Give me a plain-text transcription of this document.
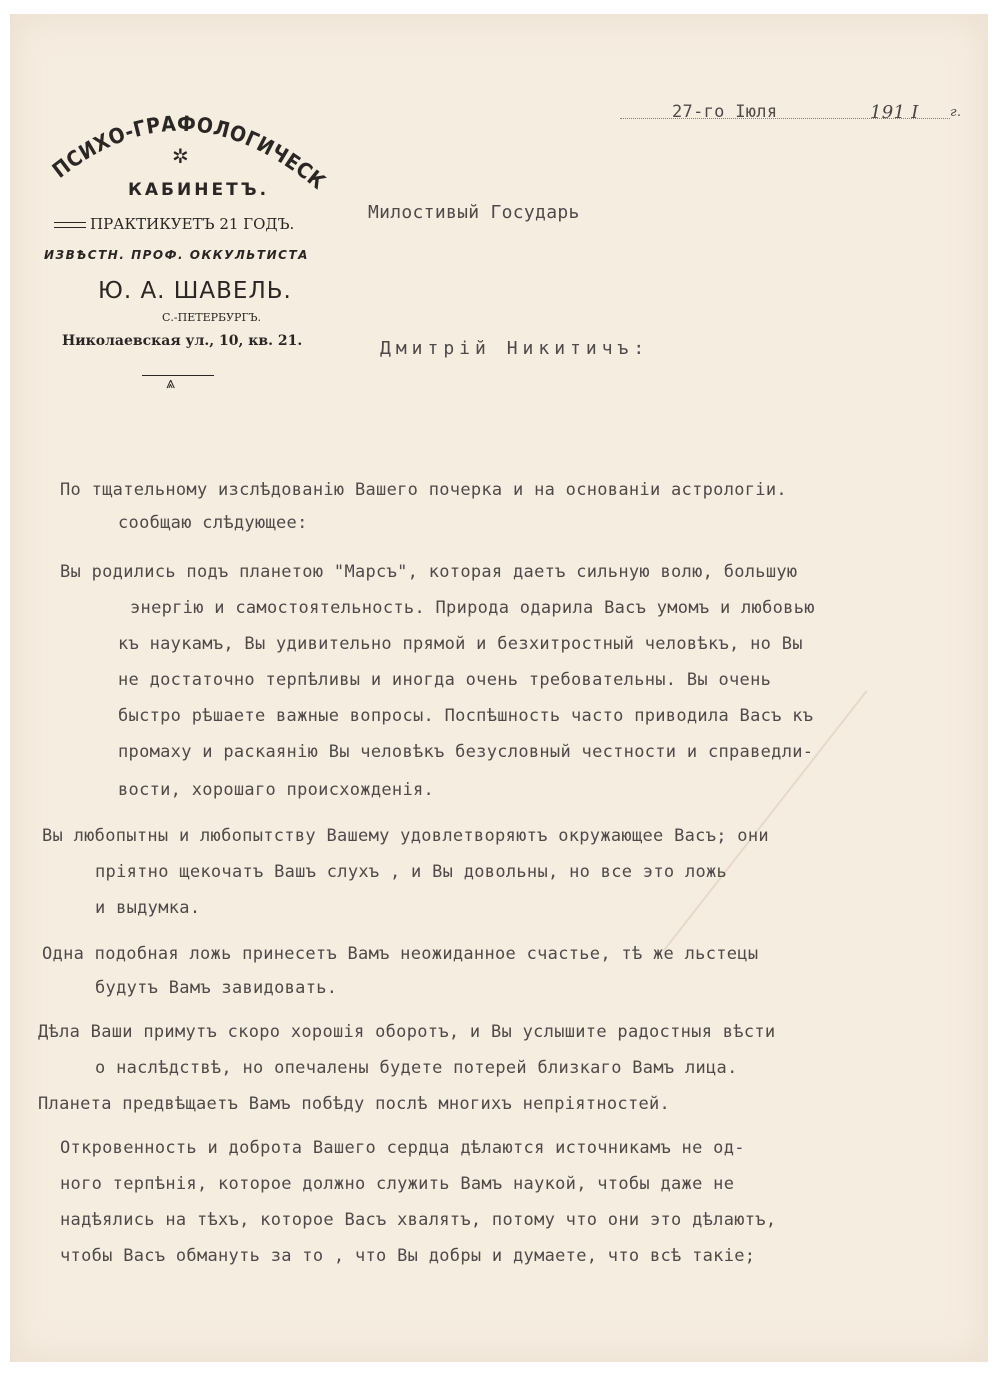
ПСИХО-ГРАФОЛОГИЧЕСК
✲
КАБИНЕТЪ.
ПРАКТИКУЕТЪ 21 ГОДЪ.
ИЗВѢСТН. ПРОФ. ОККУЛЬТИСТА
Ю. А. ШАВЕЛЬ.
С.-ПЕТЕРБУРГЪ.
Николаевская ул., 10, кв. 21.
⩓
27-го Iюля	191 I г.
Милостивый Государь
Дмитрiй Никитичъ:
По тщательному изслѣдованiю Вашего почерка и на основанiи астрологiи.
сообщаю слѣдующее:
Вы родились подъ планетою "Марсъ", которая даетъ сильную волю, большую
энергiю и самостоятельность. Природа одарила Васъ умомъ и любовью
къ наукамъ, Вы удивительно прямой и безхитростный человѣкъ, но Вы
не достаточно терпѣливы и иногда очень требовательны. Вы очень
быстро рѣшаете важные вопросы. Поспѣшность часто приводила Васъ къ
промаху и раскаянiю Вы человѣкъ безусловный честности и справедли-
вости, хорошаго происхожденiя.
Вы любопытны и любопытству Вашему удовлетворяютъ окружающее Васъ; они
прiятно щекочатъ Вашъ слухъ , и Вы довольны, но все это ложь
и выдумка.
Одна подобная ложь принесетъ Вамъ неожиданное счастье, тѣ же льстецы
будутъ Вамъ завидовать.
Дѣла Ваши примутъ скоро хорошiя оборотъ, и Вы услышите радостныя вѣсти
о наслѣдствѣ, но опечалены будете потерей близкаго Вамъ лица.
Планета предвѣщаетъ Вамъ побѣду послѣ многихъ непрiятностей.
Откровенность и доброта Вашего сердца дѣлаются источникамъ не од-
ного терпѣнiя, которое должно служить Вамъ наукой, чтобы даже не
надѣялись на тѣхъ, которое Васъ хвалятъ, потому что они это дѣлаютъ,
чтобы Васъ обмануть за то , что Вы добры и думаете, что всѣ такiе;
